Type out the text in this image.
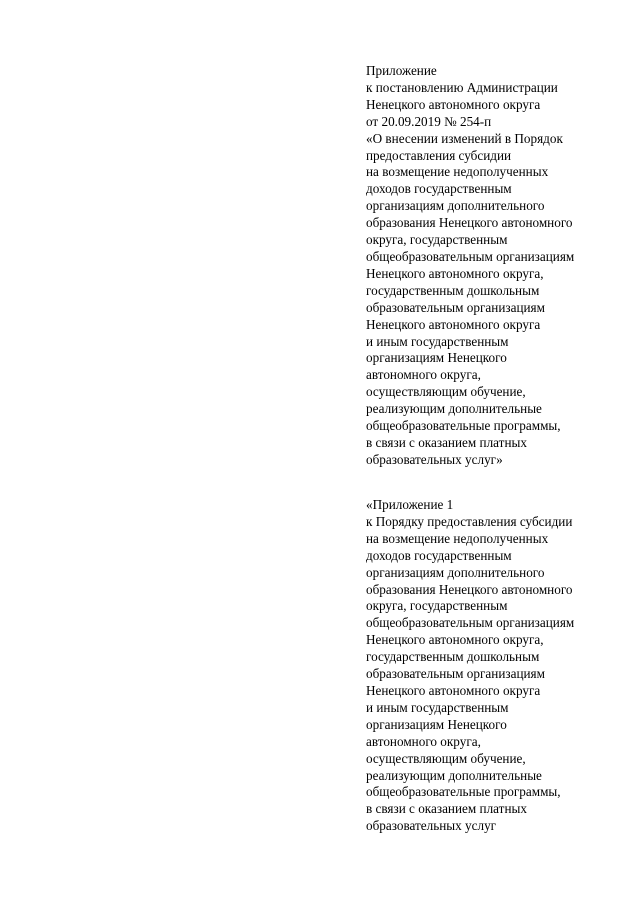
Приложение
к постановлению Администрации
Ненецкого автономного округа
от 20.09.2019 № 254-п
«О внесении изменений в Порядок
предоставления субсидии
на возмещение недополученных
доходов государственным
организациям дополнительного
образования Ненецкого автономного
округа, государственным
общеобразовательным организациям
Ненецкого автономного округа,
государственным дошкольным
образовательным организациям
Ненецкого автономного округа
и иным государственным
организациям Ненецкого
автономного округа,
осуществляющим обучение,
реализующим дополнительные
общеобразовательные программы,
в связи с оказанием платных
образовательных услуг»
«Приложение 1
к Порядку предоставления субсидии
на возмещение недополученных
доходов государственным
организациям дополнительного
образования Ненецкого автономного
округа, государственным
общеобразовательным организациям
Ненецкого автономного округа,
государственным дошкольным
образовательным организациям
Ненецкого автономного округа
и иным государственным
организациям Ненецкого
автономного округа,
осуществляющим обучение,
реализующим дополнительные
общеобразовательные программы,
в связи с оказанием платных
образовательных услуг
